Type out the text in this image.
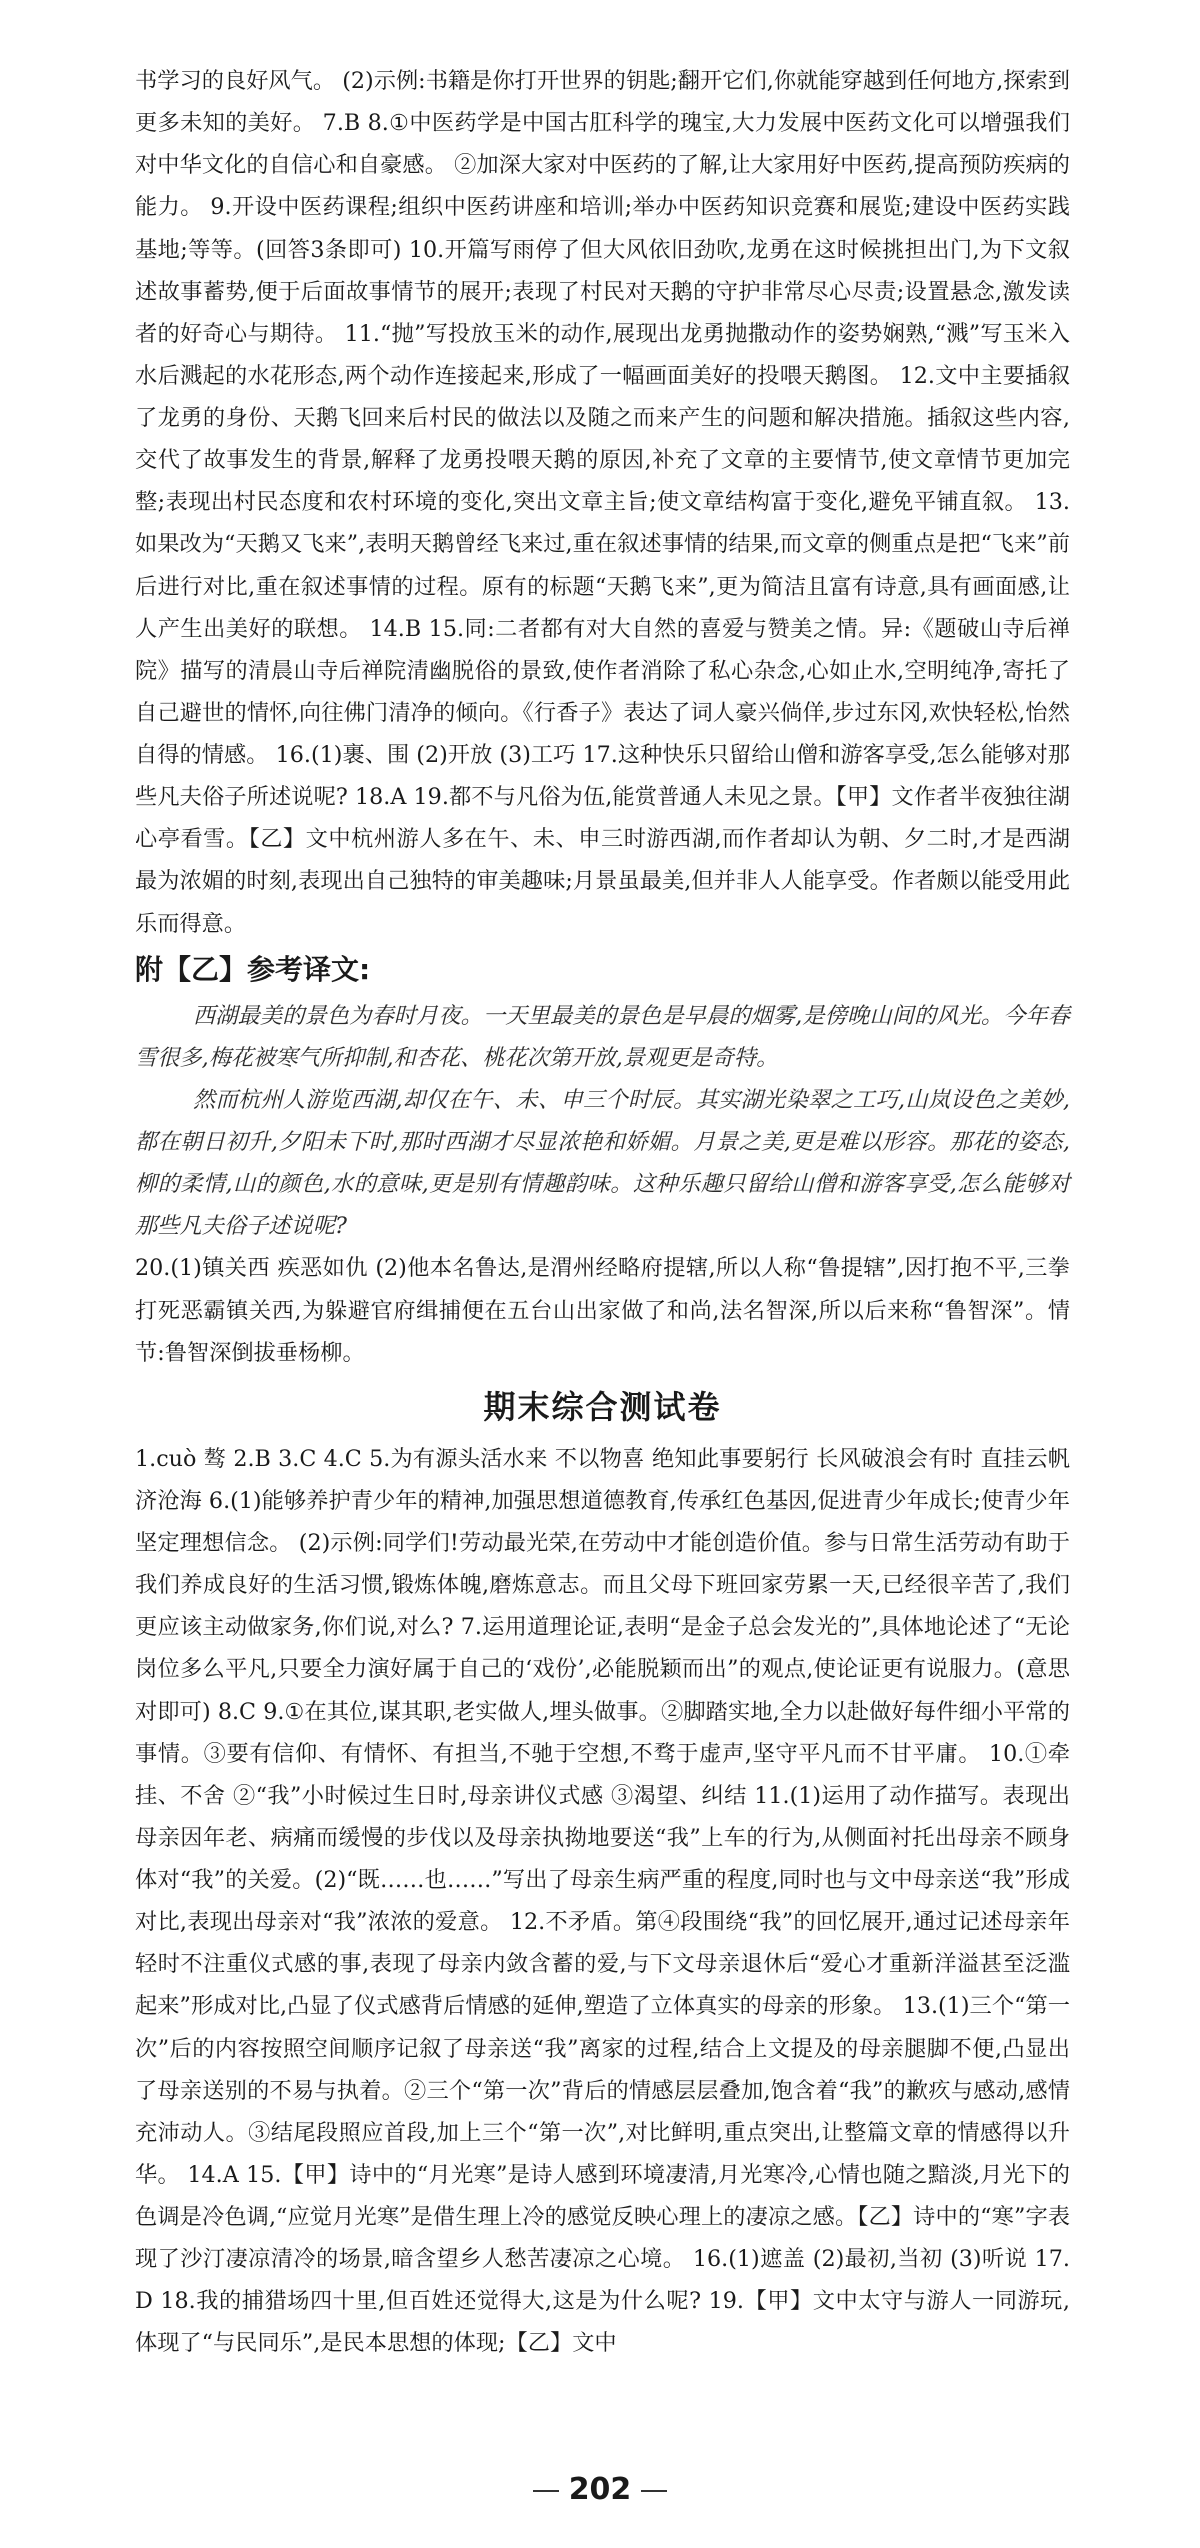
书学习的良好风气。 (2)示例:书籍是你打开世界的钥匙;翻开它们,你就能穿越到任何地方,探索到更多未知的美好。 7.B 8.①中医药学是中国古肛科学的瑰宝,大力发展中医药文化可以增强我们对中华文化的自信心和自豪感。 ②加深大家对中医药的了解,让大家用好中医药,提高预防疾病的能力。 9.开设中医药课程;组织中医药讲座和培训;举办中医药知识竞赛和展览;建设中医药实践基地;等等。(回答3条即可) 10.开篇写雨停了但大风依旧劲吹,龙勇在这时候挑担出门,为下文叙述故事蓄势,便于后面故事情节的展开;表现了村民对天鹅的守护非常尽心尽责;设置悬念,激发读者的好奇心与期待。 11.“抛”写投放玉米的动作,展现出龙勇抛撒动作的姿势娴熟,“溅”写玉米入水后溅起的水花形态,两个动作连接起来,形成了一幅画面美好的投喂天鹅图。 12.文中主要插叙了龙勇的身份、天鹅飞回来后村民的做法以及随之而来产生的问题和解决措施。插叙这些内容,交代了故事发生的背景,解释了龙勇投喂天鹅的原因,补充了文章的主要情节,使文章情节更加完整;表现出村民态度和农村环境的变化,突出文章主旨;使文章结构富于变化,避免平铺直叙。 13.如果改为“天鹅又飞来”,表明天鹅曾经飞来过,重在叙述事情的结果,而文章的侧重点是把“飞来”前后进行对比,重在叙述事情的过程。原有的标题“天鹅飞来”,更为简洁且富有诗意,具有画面感,让人产生出美好的联想。 14.B 15.同:二者都有对大自然的喜爱与赞美之情。异:《题破山寺后禅院》描写的清晨山寺后禅院清幽脱俗的景致,使作者消除了私心杂念,心如止水,空明纯净,寄托了自己避世的情怀,向往佛门清净的倾向。《行香子》表达了词人豪兴倘佯,步过东冈,欢快轻松,怡然自得的情感。 16.(1)裹、围 (2)开放 (3)工巧 17.这种快乐只留给山僧和游客享受,怎么能够对那些凡夫俗子所述说呢? 18.A 19.都不与凡俗为伍,能赏普通人未见之景。【甲】文作者半夜独往湖心亭看雪。【乙】文中杭州游人多在午、未、申三时游西湖,而作者却认为朝、夕二时,才是西湖最为浓媚的时刻,表现出自己独特的审美趣味;月景虽最美,但并非人人能享受。作者颇以能受用此乐而得意。

附【乙】参考译文:

西湖最美的景色为春时月夜。一天里最美的景色是早晨的烟雾,是傍晚山间的风光。今年春雪很多,梅花被寒气所抑制,和杏花、桃花次第开放,景观更是奇特。

然而杭州人游览西湖,却仅在午、未、申三个时辰。其实湖光染翠之工巧,山岚设色之美妙,都在朝日初升,夕阳未下时,那时西湖才尽显浓艳和娇媚。月景之美,更是难以形容。那花的姿态,柳的柔情,山的颜色,水的意味,更是别有情趣韵味。这种乐趣只留给山僧和游客享受,怎么能够对那些凡夫俗子述说呢?

20.(1)镇关西 疾恶如仇 (2)他本名鲁达,是渭州经略府提辖,所以人称“鲁提辖”,因打抱不平,三拳打死恶霸镇关西,为躲避官府缉捕便在五台山出家做了和尚,法名智深,所以后来称“鲁智深”。情节:鲁智深倒拔垂杨柳。

期末综合测试卷

1.cuò 骜 2.B 3.C 4.C 5.为有源头活水来 不以物喜 绝知此事要躬行 长风破浪会有时 直挂云帆济沧海 6.(1)能够养护青少年的精神,加强思想道德教育,传承红色基因,促进青少年成长;使青少年坚定理想信念。 (2)示例:同学们!劳动最光荣,在劳动中才能创造价值。参与日常生活劳动有助于我们养成良好的生活习惯,锻炼体魄,磨炼意志。而且父母下班回家劳累一天,已经很辛苦了,我们更应该主动做家务,你们说,对么? 7.运用道理论证,表明“是金子总会发光的”,具体地论述了“无论岗位多么平凡,只要全力演好属于自己的‘戏份’,必能脱颖而出”的观点,使论证更有说服力。(意思对即可) 8.C 9.①在其位,谋其职,老实做人,埋头做事。②脚踏实地,全力以赴做好每件细小平常的事情。③要有信仰、有情怀、有担当,不驰于空想,不骛于虚声,坚守平凡而不甘平庸。 10.①牵挂、不舍 ②“我”小时候过生日时,母亲讲仪式感 ③渴望、纠结 11.(1)运用了动作描写。表现出母亲因年老、病痛而缓慢的步伐以及母亲执拗地要送“我”上车的行为,从侧面衬托出母亲不顾身体对“我”的关爱。(2)“既……也……”写出了母亲生病严重的程度,同时也与文中母亲送“我”形成对比,表现出母亲对“我”浓浓的爱意。 12.不矛盾。第④段围绕“我”的回忆展开,通过记述母亲年轻时不注重仪式感的事,表现了母亲内敛含蓄的爱,与下文母亲退休后“爱心才重新洋溢甚至泛滥起来”形成对比,凸显了仪式感背后情感的延伸,塑造了立体真实的母亲的形象。 13.(1)三个“第一次”后的内容按照空间顺序记叙了母亲送“我”离家的过程,结合上文提及的母亲腿脚不便,凸显出了母亲送别的不易与执着。②三个“第一次”背后的情感层层叠加,饱含着“我”的歉疚与感动,感情充沛动人。③结尾段照应首段,加上三个“第一次”,对比鲜明,重点突出,让整篇文章的情感得以升华。 14.A 15.【甲】诗中的“月光寒”是诗人感到环境凄清,月光寒冷,心情也随之黯淡,月光下的色调是冷色调,“应觉月光寒”是借生理上冷的感觉反映心理上的凄凉之感。【乙】诗中的“寒”字表现了沙汀凄凉清冷的场景,暗含望乡人愁苦凄凉之心境。 16.(1)遮盖 (2)最初,当初 (3)听说 17.D 18.我的捕猎场四十里,但百姓还觉得大,这是为什么呢? 19.【甲】文中太守与游人一同游玩,体现了“与民同乐”,是民本思想的体现;【乙】文中

202
